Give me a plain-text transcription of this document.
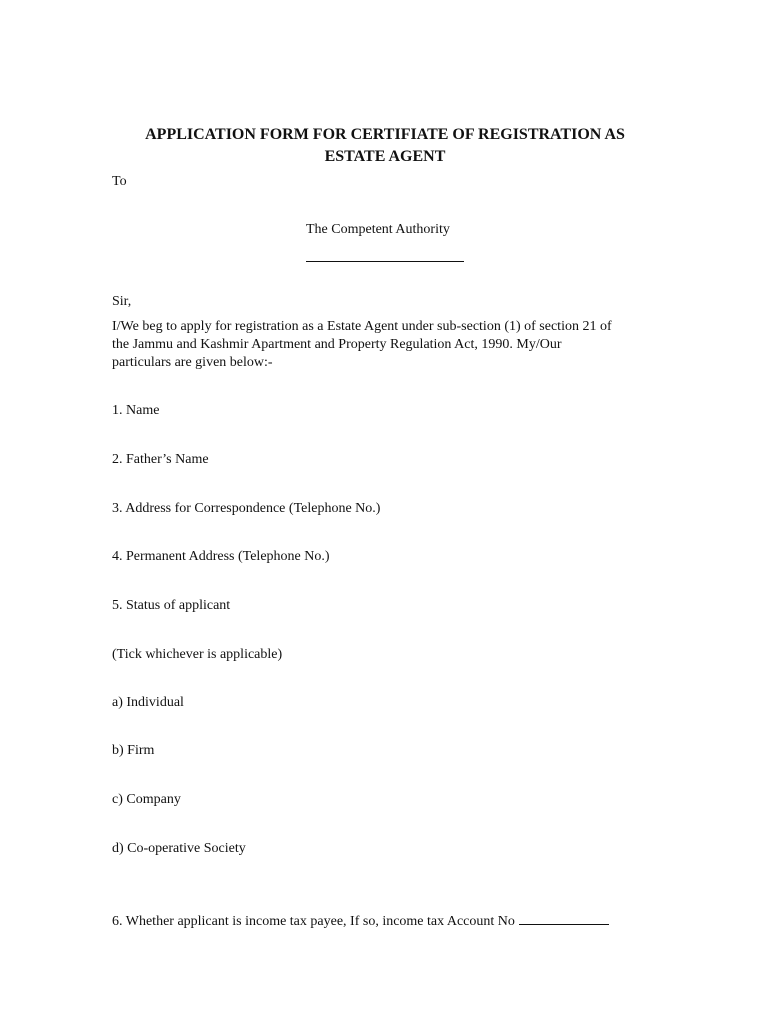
APPLICATION FORM FOR CERTIFIATE OF REGISTRATION AS
ESTATE AGENT
To
The Competent Authority
Sir,
I/We beg to apply for registration as a Estate Agent under sub-section (1) of section 21 of
the Jammu and Kashmir Apartment and Property Regulation Act, 1990. My/Our
particulars are given below:-
1. Name
2. Father’s Name
3. Address for Correspondence (Telephone No.)
4. Permanent Address (Telephone No.)
5. Status of applicant
(Tick whichever is applicable)
a) Individual
b) Firm
c) Company
d) Co-operative Society
6. Whether applicant is income tax payee, If so, income tax Account No
